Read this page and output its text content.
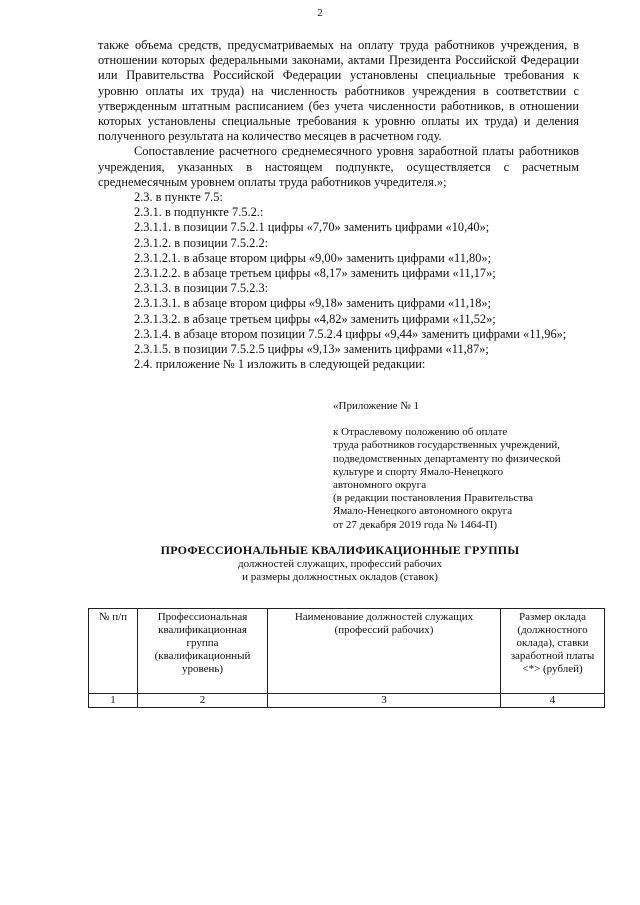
2

также объема средств, предусматриваемых на оплату труда работников учреждения, в отношении которых федеральными законами, актами Президента Российской Федерации или Правительства Российской Федерации установлены специальные требования к уровню оплаты их труда) на численность работников учреждения в соответствии с утвержденным штатным расписанием (без учета численности работников, в отношении которых установлены специальные требования к уровню оплаты их труда) и деления полученного результата на количество месяцев в расчетном году.

Сопоставление расчетного среднемесячного уровня заработной платы работников учреждения, указанных в настоящем подпункте, осуществляется с расчетным среднемесячным уровнем оплаты труда работников учредителя.»;

2.3. в пункте 7.5:

2.3.1. в подпункте 7.5.2.:

2.3.1.1. в позиции 7.5.2.1 цифры «7,70» заменить цифрами «10,40»;

2.3.1.2. в позиции 7.5.2.2:

2.3.1.2.1. в абзаце втором цифры «9,00» заменить цифрами «11,80»;

2.3.1.2.2. в абзаце третьем цифры «8,17» заменить цифрами «11,17»;

2.3.1.3. в позиции 7.5.2.3:

2.3.1.3.1. в абзаце втором цифры «9,18» заменить цифрами «11,18»;

2.3.1.3.2. в абзаце третьем цифры «4,82» заменить цифрами «11,52»;

2.3.1.4. в абзаце втором позиции 7.5.2.4 цифры «9,44» заменить цифрами «11,96»;

2.3.1.5. в позиции 7.5.2.5 цифры «9,13» заменить цифрами «11,87»;

2.4. приложение № 1 изложить в следующей редакции:

«Приложение № 1

к Отраслевому положению об оплате

труда работников государственных учреждений,

подведомственных департаменту по физической

культуре и спорту Ямало-Ненецкого

автономного округа

(в редакции постановления Правительства

Ямало-Ненецкого автономного округа

от 27 декабря 2019 года № 1464-П)

ПРОФЕССИОНАЛЬНЫЕ КВАЛИФИКАЦИОННЫЕ ГРУППЫ
должностей служащих, профессий рабочих
и размеры должностных окладов (ставок)
№ п/п	Профессиональная квалификационная группа (квалификационный уровень)	Наименование должностей служащих (профессий рабочих)	Размер оклада (должностного оклада), ставки заработной платы <*> (рублей)
1	2	3	4
